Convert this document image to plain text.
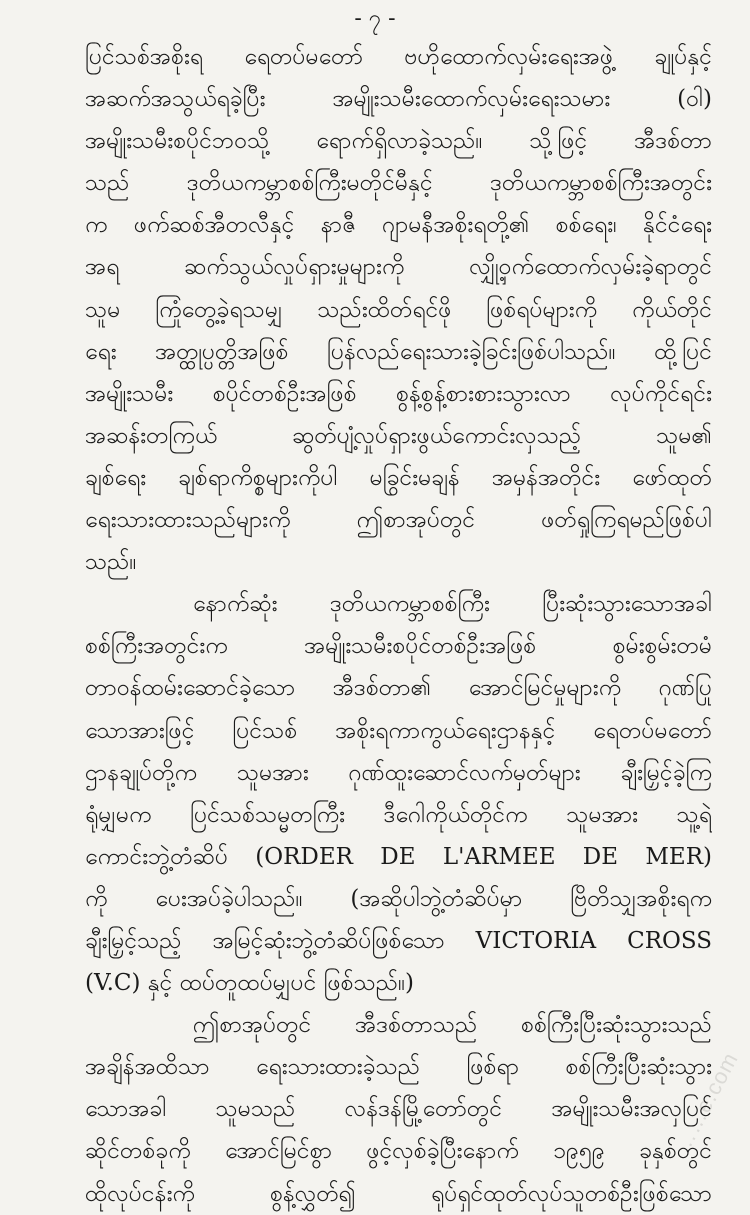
- ၇ -
ပြင်သစ်အစိုးရ ရေတပ်မတော် ဗဟိုထောက်လှမ်းရေးအဖွဲ့ ချုပ်နှင့်
အဆက်အသွယ်ရခဲ့ပြီး အမျိုးသမီးထောက်လှမ်းရေးသမား (ဝါ)
အမျိုးသမီးစပိုင်ဘဝသို့ ရောက်ရှိလာခဲ့သည်။ သို့ဖြင့် အီဒစ်တာ
သည် ဒုတိယကမ္ဘာစစ်ကြီးမတိုင်မီနှင့် ဒုတိယကမ္ဘာစစ်ကြီးအတွင်း
က ဖက်ဆစ်အီတလီနှင့် နာဇီ ဂျာမနီအစိုးရတို့၏ စစ်ရေး၊ နိုင်ငံရေး
အရ ဆက်သွယ်လှုပ်ရှားမှုများကို လျှို့ဝှက်ထောက်လှမ်းခဲ့ရာတွင်
သူမ ကြုံတွေ့ခဲ့ရသမျှ သည်းထိတ်ရင်ဖို ဖြစ်ရပ်များကို ကိုယ်တိုင်
ရေး အတ္ထုပ္ပတ္တိအဖြစ် ပြန်လည်ရေးသားခဲ့ခြင်းဖြစ်ပါသည်။ ထို့ပြင်
အမျိုးသမီး စပိုင်တစ်ဦးအဖြစ် စွန့်စွန့်စားစားသွားလာ လုပ်ကိုင်ရင်း
အဆန်းတကြယ် ဆွတ်ပျံ့လှုပ်ရှားဖွယ်ကောင်းလှသည့် သူမ၏
ချစ်ရေး ချစ်ရာကိစ္စများကိုပါ မခြွင်းမချန် အမှန်အတိုင်း ဖော်ထုတ်
ရေးသားထားသည်များကို ဤစာအုပ်တွင် ဖတ်ရှုကြရမည်ဖြစ်ပါ
သည်။
နောက်ဆုံး ဒုတိယကမ္ဘာစစ်ကြီး ပြီးဆုံးသွားသောအခါ
စစ်ကြီးအတွင်းက အမျိုးသမီးစပိုင်တစ်ဦးအဖြစ် စွမ်းစွမ်းတမံ
တာဝန်ထမ်းဆောင်ခဲ့သော အီဒစ်တာ၏ အောင်မြင်မှုများကို ဂုဏ်ပြု
သောအားဖြင့် ပြင်သစ် အစိုးရကာကွယ်ရေးဌာနနှင့် ရေတပ်မတော်
ဌာနချုပ်တို့က သူမအား ဂုဏ်ထူးဆောင်လက်မှတ်များ ချီးမြှင့်ခဲ့ကြ
ရုံမျှမက ပြင်သစ်သမ္မတကြီး ဒီဂေါကိုယ်တိုင်က သူမအား သူ့ရဲ
ကောင်းဘွဲ့တံဆိပ် (ORDER DE L'ARMEE DE MER)
ကို ပေးအပ်ခဲ့ပါသည်။ (အဆိုပါဘွဲ့တံဆိပ်မှာ ဗြိတိသျှအစိုးရက
ချီးမြှင့်သည့် အမြင့်ဆုံးဘွဲ့တံဆိပ်ဖြစ်သော VICTORIA CROSS
(V.C) နှင့် ထပ်တူထပ်မျှပင် ဖြစ်သည်။)
ဤစာအုပ်တွင် အီဒစ်တာသည် စစ်ကြီးပြီးဆုံးသွားသည်
အချိန်အထိသာ ရေးသားထားခဲ့သည် ဖြစ်ရာ စစ်ကြီးပြီးဆုံးသွား
သောအခါ သူမသည် လန်ဒန်မြို့တော်တွင် အမျိုးသမီးအလှပြင်
ဆိုင်တစ်ခုကို အောင်မြင်စွာ ဖွင့်လှစ်ခဲ့ပြီးနောက် ၁၉၅၉ ခုနှစ်တွင်
ထိုလုပ်ငန်းကို စွန့်လွှတ်၍ ရုပ်ရှင်ထုတ်လုပ်သူတစ်ဦးဖြစ်သော
……e.com
